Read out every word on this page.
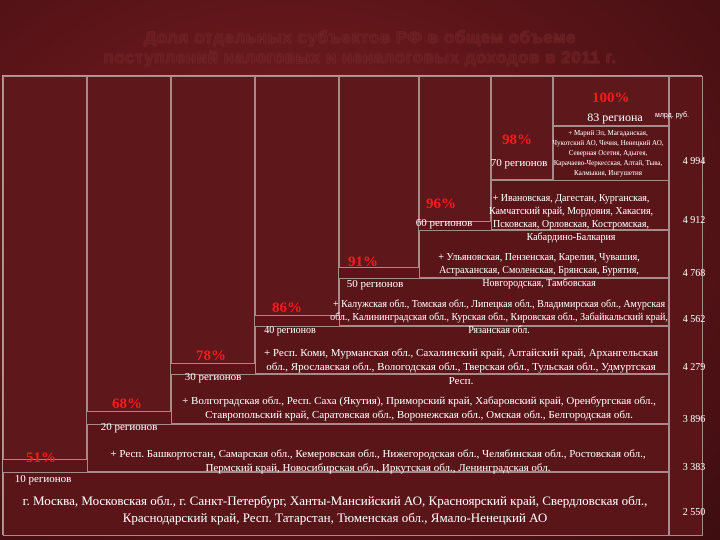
Доля отдельных субъектов РФ в общем объеме
поступлений налоговых и неналоговых доходов в 2011 г.
млрд. руб.
100%
83 региона
98%
70 регионов
+ Марий Эл, Магаданская, Чукотский АО, Чечня, Ненецкий АО, Северная Осетия, Адыгея, Карачаево-Черкесская, Алтай, Тыва, Калмыкия, Ингушетия
4 994
96%
60 регионов
+ Ивановская, Дагестан, Курганская, Камчатский край, Мордовия, Хакасия, Псковская, Орловская, Костромская, Кабардино-Балкария
4 912
91%
50 регионов
+ Ульяновская, Пензенская, Карелия, Чувашия, Астраханская, Смоленская, Брянская, Бурятия, Новгородская, Тамбовская
4 768
86%
40 регионов
+ Калужская обл., Томская обл., Липецкая обл., Владимирская обл., Амурская обл., Калининградская обл., Курская обл., Кировская обл., Забайкальский край, Рязанская обл.
4 562
78%
30 регионов
+ Респ. Коми, Мурманская обл., Сахалинский край, Алтайский край, Архангельская обл., Ярославская обл., Вологодская обл., Тверская обл., Тульская обл., Удмуртская Респ.
4 279
68%
20 регионов
+ Волгоградская обл., Респ. Саха (Якутия), Приморский край, Хабаровский край, Оренбургская обл., Ставропольский край, Саратовская обл., Воронежская обл., Омская обл., Белгородская обл.	3 896
51%
10 регионов
+ Респ. Башкортостан, Самарская обл., Кемеровская обл., Нижегородская обл., Челябинская обл., Ростовская обл., Пермский край, Новосибирская обл., Иркутская обл., Ленинградская обл.	3 383
г. Москва, Московская обл., г. Санкт-Петербург, Ханты-Мансийский АО, Красноярский край, Свердловская обл., Краснодарский край, Респ. Татарстан, Тюменская обл., Ямало-Ненецкий АО	2 550
